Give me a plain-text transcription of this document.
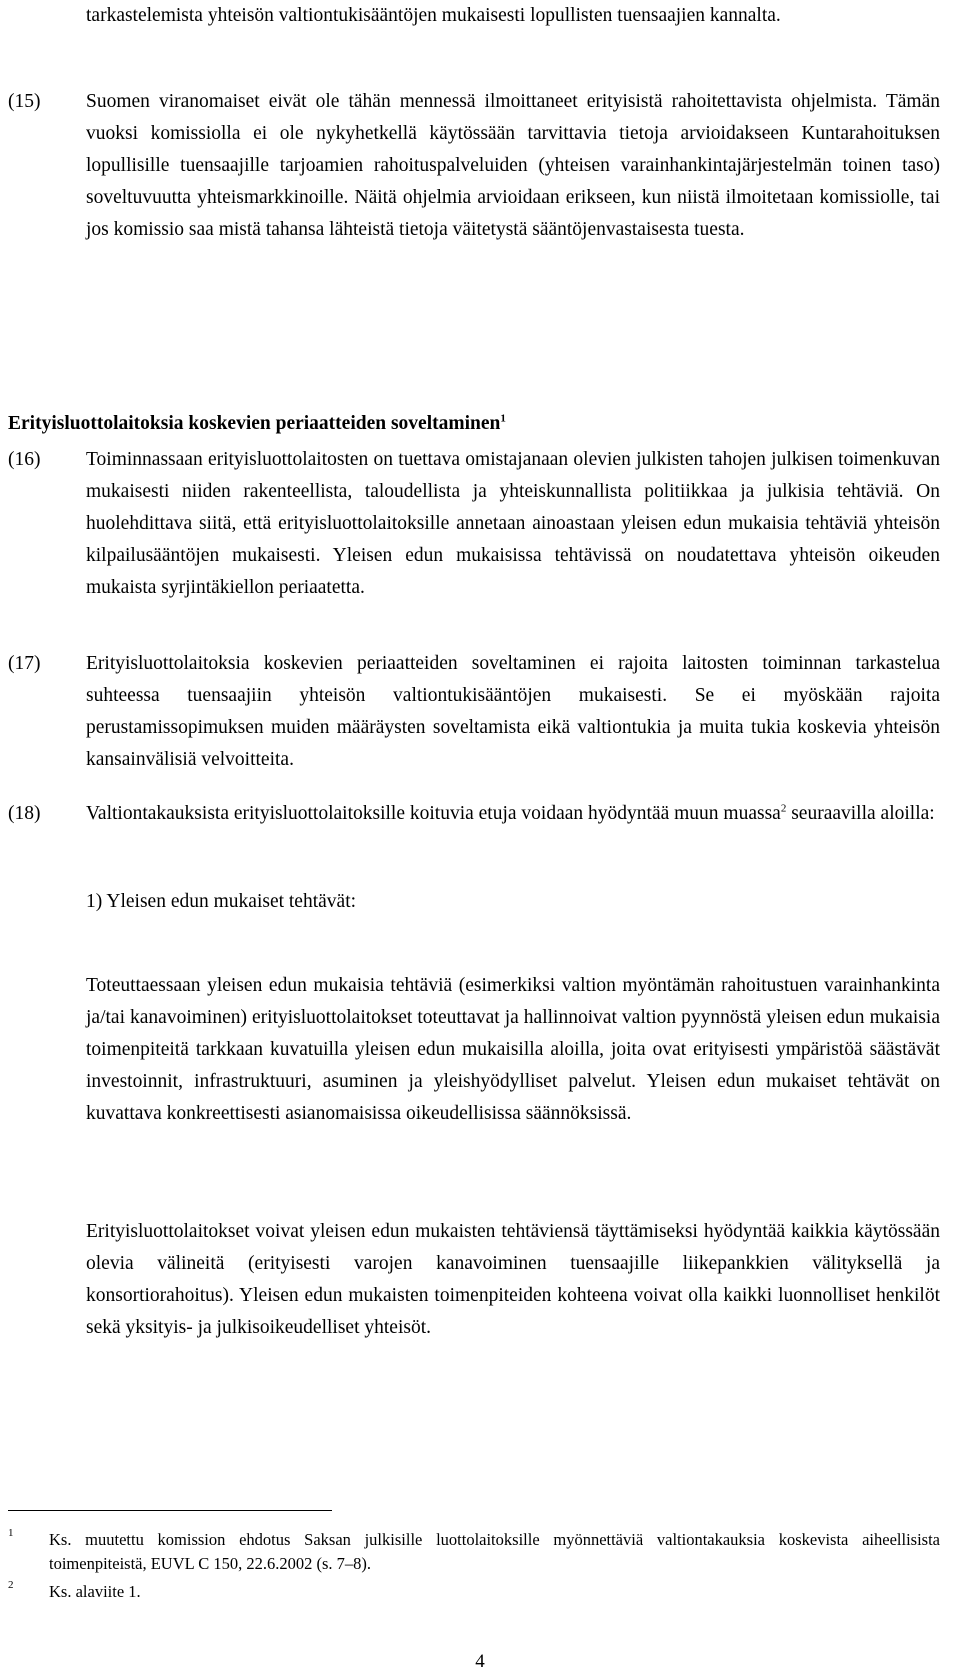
tarkastelemista yhteisön valtiontukisääntöjen mukaisesti lopullisten tuensaajien kannalta.
(15)	Suomen viranomaiset eivät ole tähän mennessä ilmoittaneet erityisistä rahoitettavista ohjelmista. Tämän vuoksi komissiolla ei ole nykyhetkellä käytössään tarvittavia tietoja arvioidakseen Kuntarahoituksen lopullisille tuensaajille tarjoamien rahoituspalveluiden (yhteisen varainhankintajärjestelmän toinen taso) soveltuvuutta yhteismarkkinoille. Näitä ohjelmia arvioidaan erikseen, kun niistä ilmoitetaan komissiolle, tai jos komissio saa mistä tahansa lähteistä tietoja väitetystä sääntöjenvastaisesta tuesta.
Erityisluottolaitoksia koskevien periaatteiden soveltaminen$^1$
(16)	Toiminnassaan erityisluottolaitosten on tuettava omistajanaan olevien julkisten tahojen julkisen toimenkuvan mukaisesti niiden rakenteellista, taloudellista ja yhteiskunnallista politiikkaa ja julkisia tehtäviä. On huolehdittava siitä, että erityisluottolaitoksille annetaan ainoastaan yleisen edun mukaisia tehtäviä yhteisön kilpailusääntöjen mukaisesti. Yleisen edun mukaisissa tehtävissä on noudatettava yhteisön oikeuden mukaista syrjintäkiellon periaatetta.
(17)	Erityisluottolaitoksia koskevien periaatteiden soveltaminen ei rajoita laitosten toiminnan tarkastelua suhteessa tuensaajiin yhteisön valtiontukisääntöjen mukaisesti. Se ei myöskään rajoita perustamissopimuksen muiden määräysten soveltamista eikä valtiontukia ja muita tukia koskevia yhteisön kansainvälisiä velvoitteita.
(18)	Valtiontakauksista erityisluottolaitoksille koituvia etuja voidaan hyödyntää muun muassa$^2$ seuraavilla aloilla:
1) Yleisen edun mukaiset tehtävät:
Toteuttaessaan yleisen edun mukaisia tehtäviä (esimerkiksi valtion myöntämän rahoitustuen varainhankinta ja/tai kanavoiminen) erityisluottolaitokset toteuttavat ja hallinnoivat valtion pyynnöstä yleisen edun mukaisia toimenpiteitä tarkkaan kuvatuilla yleisen edun mukaisilla aloilla, joita ovat erityisesti ympäristöä säästävät investoinnit, infrastruktuuri, asuminen ja yleishyödylliset palvelut. Yleisen edun mukaiset tehtävät on kuvattava konkreettisesti asianomaisissa oikeudellisissa säännöksissä.
Erityisluottolaitokset voivat yleisen edun mukaisten tehtäviensä täyttämiseksi hyödyntää kaikkia käytössään olevia välineitä (erityisesti varojen kanavoiminen tuensaajille liikepankkien välityksellä ja konsortiorahoitus). Yleisen edun mukaisten toimenpiteiden kohteena voivat olla kaikki luonnolliset henkilöt sekä yksityis- ja julkisoikeudelliset yhteisöt.
1 Ks. muutettu komission ehdotus Saksan julkisille luottolaitoksille myönnettäviä valtiontakauksia koskevista aiheellisista toimenpiteistä, EUVL C 150, 22.6.2002 (s. 7–8).
2 Ks. alaviite 1.
4
